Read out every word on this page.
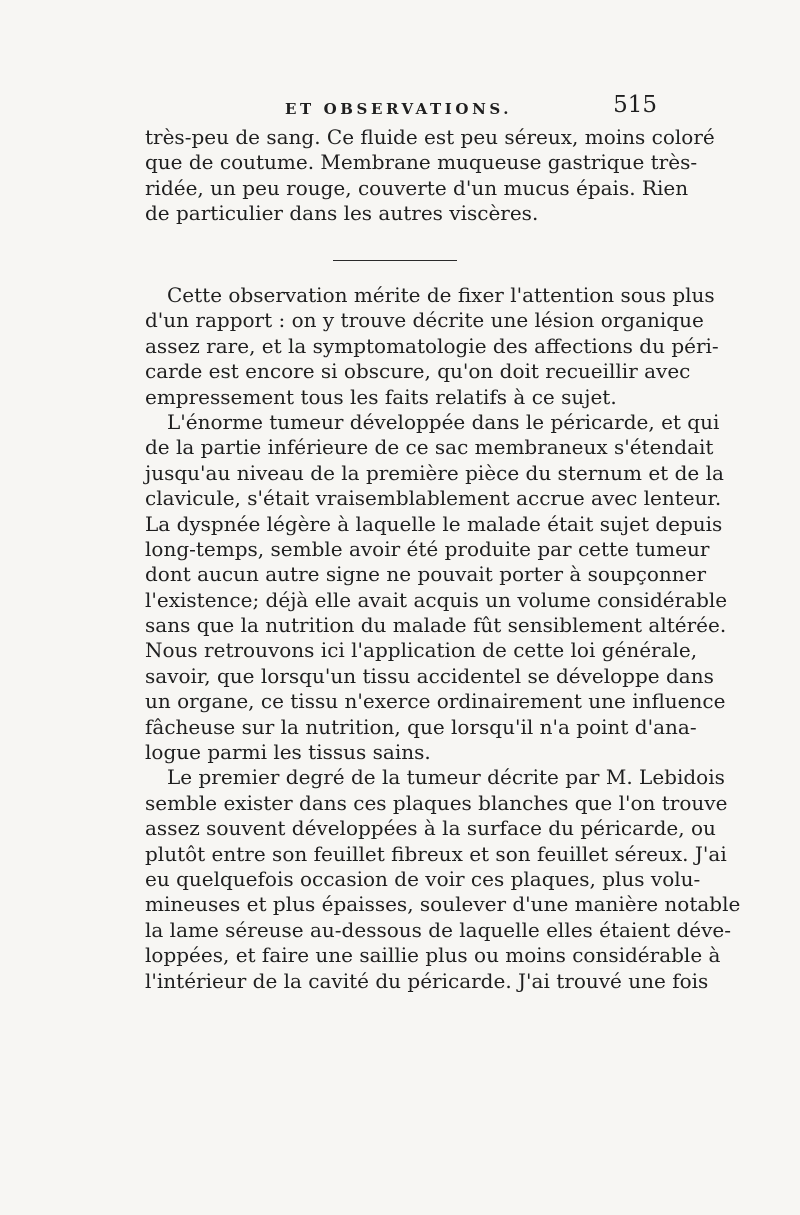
ET OBSERVATIONS.	515
très-peu de sang. Ce fluide est peu séreux, moins coloré
que de coutume. Membrane muqueuse gastrique très-
ridée, un peu rouge, couverte d'un mucus épais. Rien
de particulier dans les autres viscères.
Cette observation mérite de fixer l'attention sous plus
d'un rapport : on y trouve décrite une lésion organique
assez rare, et la symptomatologie des affections du péri-
carde est encore si obscure, qu'on doit recueillir avec
empressement tous les faits relatifs à ce sujet.
L'énorme tumeur développée dans le péricarde, et qui
de la partie inférieure de ce sac membraneux s'étendait
jusqu'au niveau de la première pièce du sternum et de la
clavicule, s'était vraisemblablement accrue avec lenteur.
La dyspnée légère à laquelle le malade était sujet depuis
long-temps, semble avoir été produite par cette tumeur
dont aucun autre signe ne pouvait porter à soupçonner
l'existence; déjà elle avait acquis un volume considérable
sans que la nutrition du malade fût sensiblement altérée.
Nous retrouvons ici l'application de cette loi générale,
savoir, que lorsqu'un tissu accidentel se développe dans
un organe, ce tissu n'exerce ordinairement une influence
fâcheuse sur la nutrition, que lorsqu'il n'a point d'ana-
logue parmi les tissus sains.
Le premier degré de la tumeur décrite par M. Lebidois
semble exister dans ces plaques blanches que l'on trouve
assez souvent développées à la surface du péricarde, ou
plutôt entre son feuillet fibreux et son feuillet séreux. J'ai
eu quelquefois occasion de voir ces plaques, plus volu-
mineuses et plus épaisses, soulever d'une manière notable
la lame séreuse au-dessous de laquelle elles étaient déve-
loppées, et faire une saillie plus ou moins considérable à
l'intérieur de la cavité du péricarde. J'ai trouvé une fois
